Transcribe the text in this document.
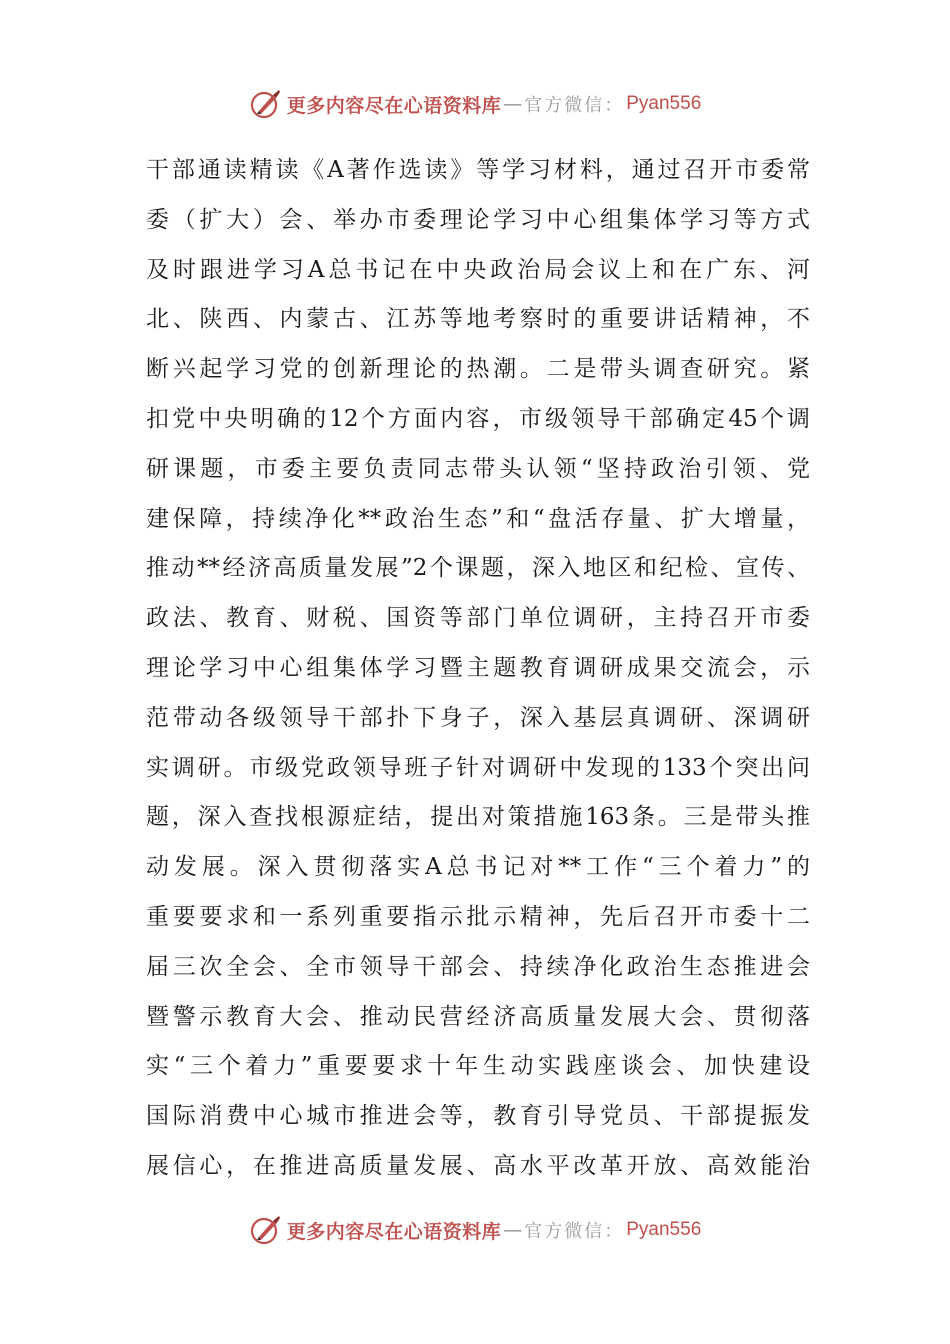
更多内容尽在心语资料库 — 官方微信： Pyan556
干部通读精读《A著作选读》等学习材料，通过召开市委常
委（扩大）会、举办市委理论学习中心组集体学习等方式
及时跟进学习A总书记在中央政治局会议上和在广东、河
北、陕西、内蒙古、江苏等地考察时的重要讲话精神，不
断兴起学习党的创新理论的热潮。二是带头调查研究。紧
扣党中央明确的12个方面内容，市级领导干部确定45个调
研课题，市委主要负责同志带头认领“坚持政治引领、党
建保障，持续净化**政治生态”和“盘活存量、扩大增量，
推动**经济高质量发展”2个课题，深入地区和纪检、宣传、
政法、教育、财税、国资等部门单位调研，主持召开市委
理论学习中心组集体学习暨主题教育调研成果交流会，示
范带动各级领导干部扑下身子，深入基层真调研、深调研
实调研。市级党政领导班子针对调研中发现的133个突出问
题，深入查找根源症结，提出对策措施163条。三是带头推
动发展。深入贯彻落实A总书记对**工作“三个着力”的
重要要求和一系列重要指示批示精神，先后召开市委十二
届三次全会、全市领导干部会、持续净化政治生态推进会
暨警示教育大会、推动民营经济高质量发展大会、贯彻落
实“三个着力”重要要求十年生动实践座谈会、加快建设
国际消费中心城市推进会等，教育引导党员、干部提振发
展信心，在推进高质量发展、高水平改革开放、高效能治
更多内容尽在心语资料库 — 官方微信： Pyan556
